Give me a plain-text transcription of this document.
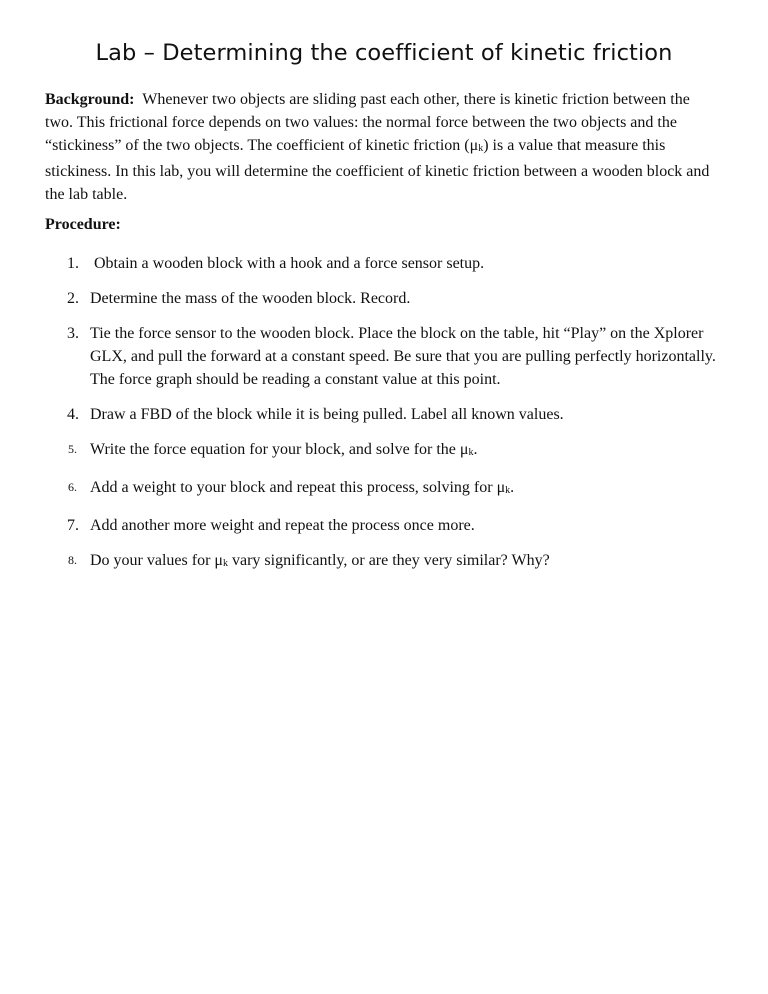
Lab – Determining the coefficient of kinetic friction

Background: Whenever two objects are sliding past each other, there is kinetic friction between the two. This frictional force depends on two values: the normal force between the two objects and the “stickiness” of the two objects. The coefficient of kinetic friction (μk) is a value that measure this stickiness. In this lab, you will determine the coefficient of kinetic friction between a wooden block and the lab table.

Procedure:

1. Obtain a wooden block with a hook and a force sensor setup.
2. Determine the mass of the wooden block. Record.
3. Tie the force sensor to the wooden block. Place the block on the table, hit “Play” on the Xplorer GLX, and pull the forward at a constant speed. Be sure that you are pulling perfectly horizontally. The force graph should be reading a constant value at this point.
4. Draw a FBD of the block while it is being pulled. Label all known values.
5. Write the force equation for your block, and solve for the μk.
6. Add a weight to your block and repeat this process, solving for μk.
7. Add another more weight and repeat the process once more.
8. Do your values for μk vary significantly, or are they very similar? Why?
